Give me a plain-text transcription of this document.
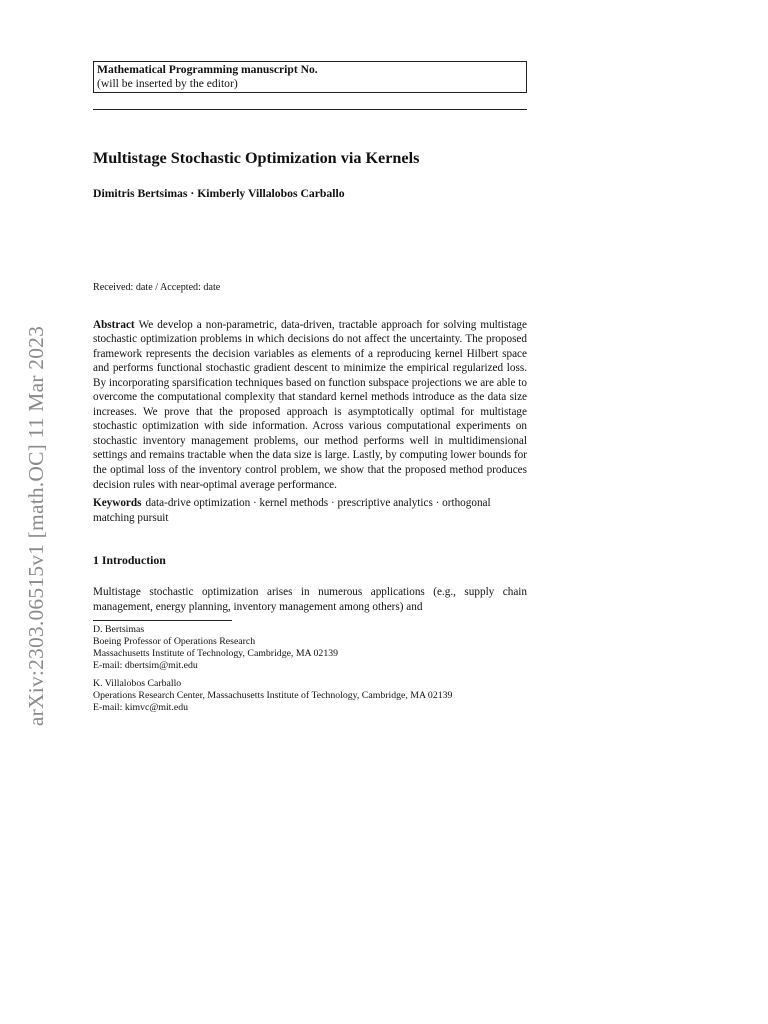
arXiv:2303.06515v1 [math.OC] 11 Mar 2023
Mathematical Programming manuscript No.
(will be inserted by the editor)
Multistage Stochastic Optimization via Kernels
Dimitris Bertsimas · Kimberly Villalobos Carballo
Received: date / Accepted: date
Abstract We develop a non-parametric, data-driven, tractable approach for solving multistage stochastic optimization problems in which decisions do not affect the uncertainty. The proposed framework represents the decision variables as elements of a reproducing kernel Hilbert space and performs functional stochastic gradient descent to minimize the empirical regularized loss. By incorporating sparsification techniques based on function subspace projections we are able to overcome the computational complexity that standard kernel methods introduce as the data size increases. We prove that the proposed approach is asymptotically optimal for multistage stochastic optimization with side information. Across various computational experiments on stochastic inventory management problems, our method performs well in multidimensional settings and remains tractable when the data size is large. Lastly, by computing lower bounds for the optimal loss of the inventory control problem, we show that the proposed method produces decision rules with near-optimal average performance.
Keywords data-drive optimization · kernel methods · prescriptive analytics · orthogonal matching pursuit
1 Introduction
Multistage stochastic optimization arises in numerous applications (e.g., supply chain management, energy planning, inventory management among others) and
D. Bertsimas
Boeing Professor of Operations Research
Massachusetts Institute of Technology, Cambridge, MA 02139
E-mail: dbertsim@mit.edu
K. Villalobos Carballo
Operations Research Center, Massachusetts Institute of Technology, Cambridge, MA 02139
E-mail: kimvc@mit.edu
